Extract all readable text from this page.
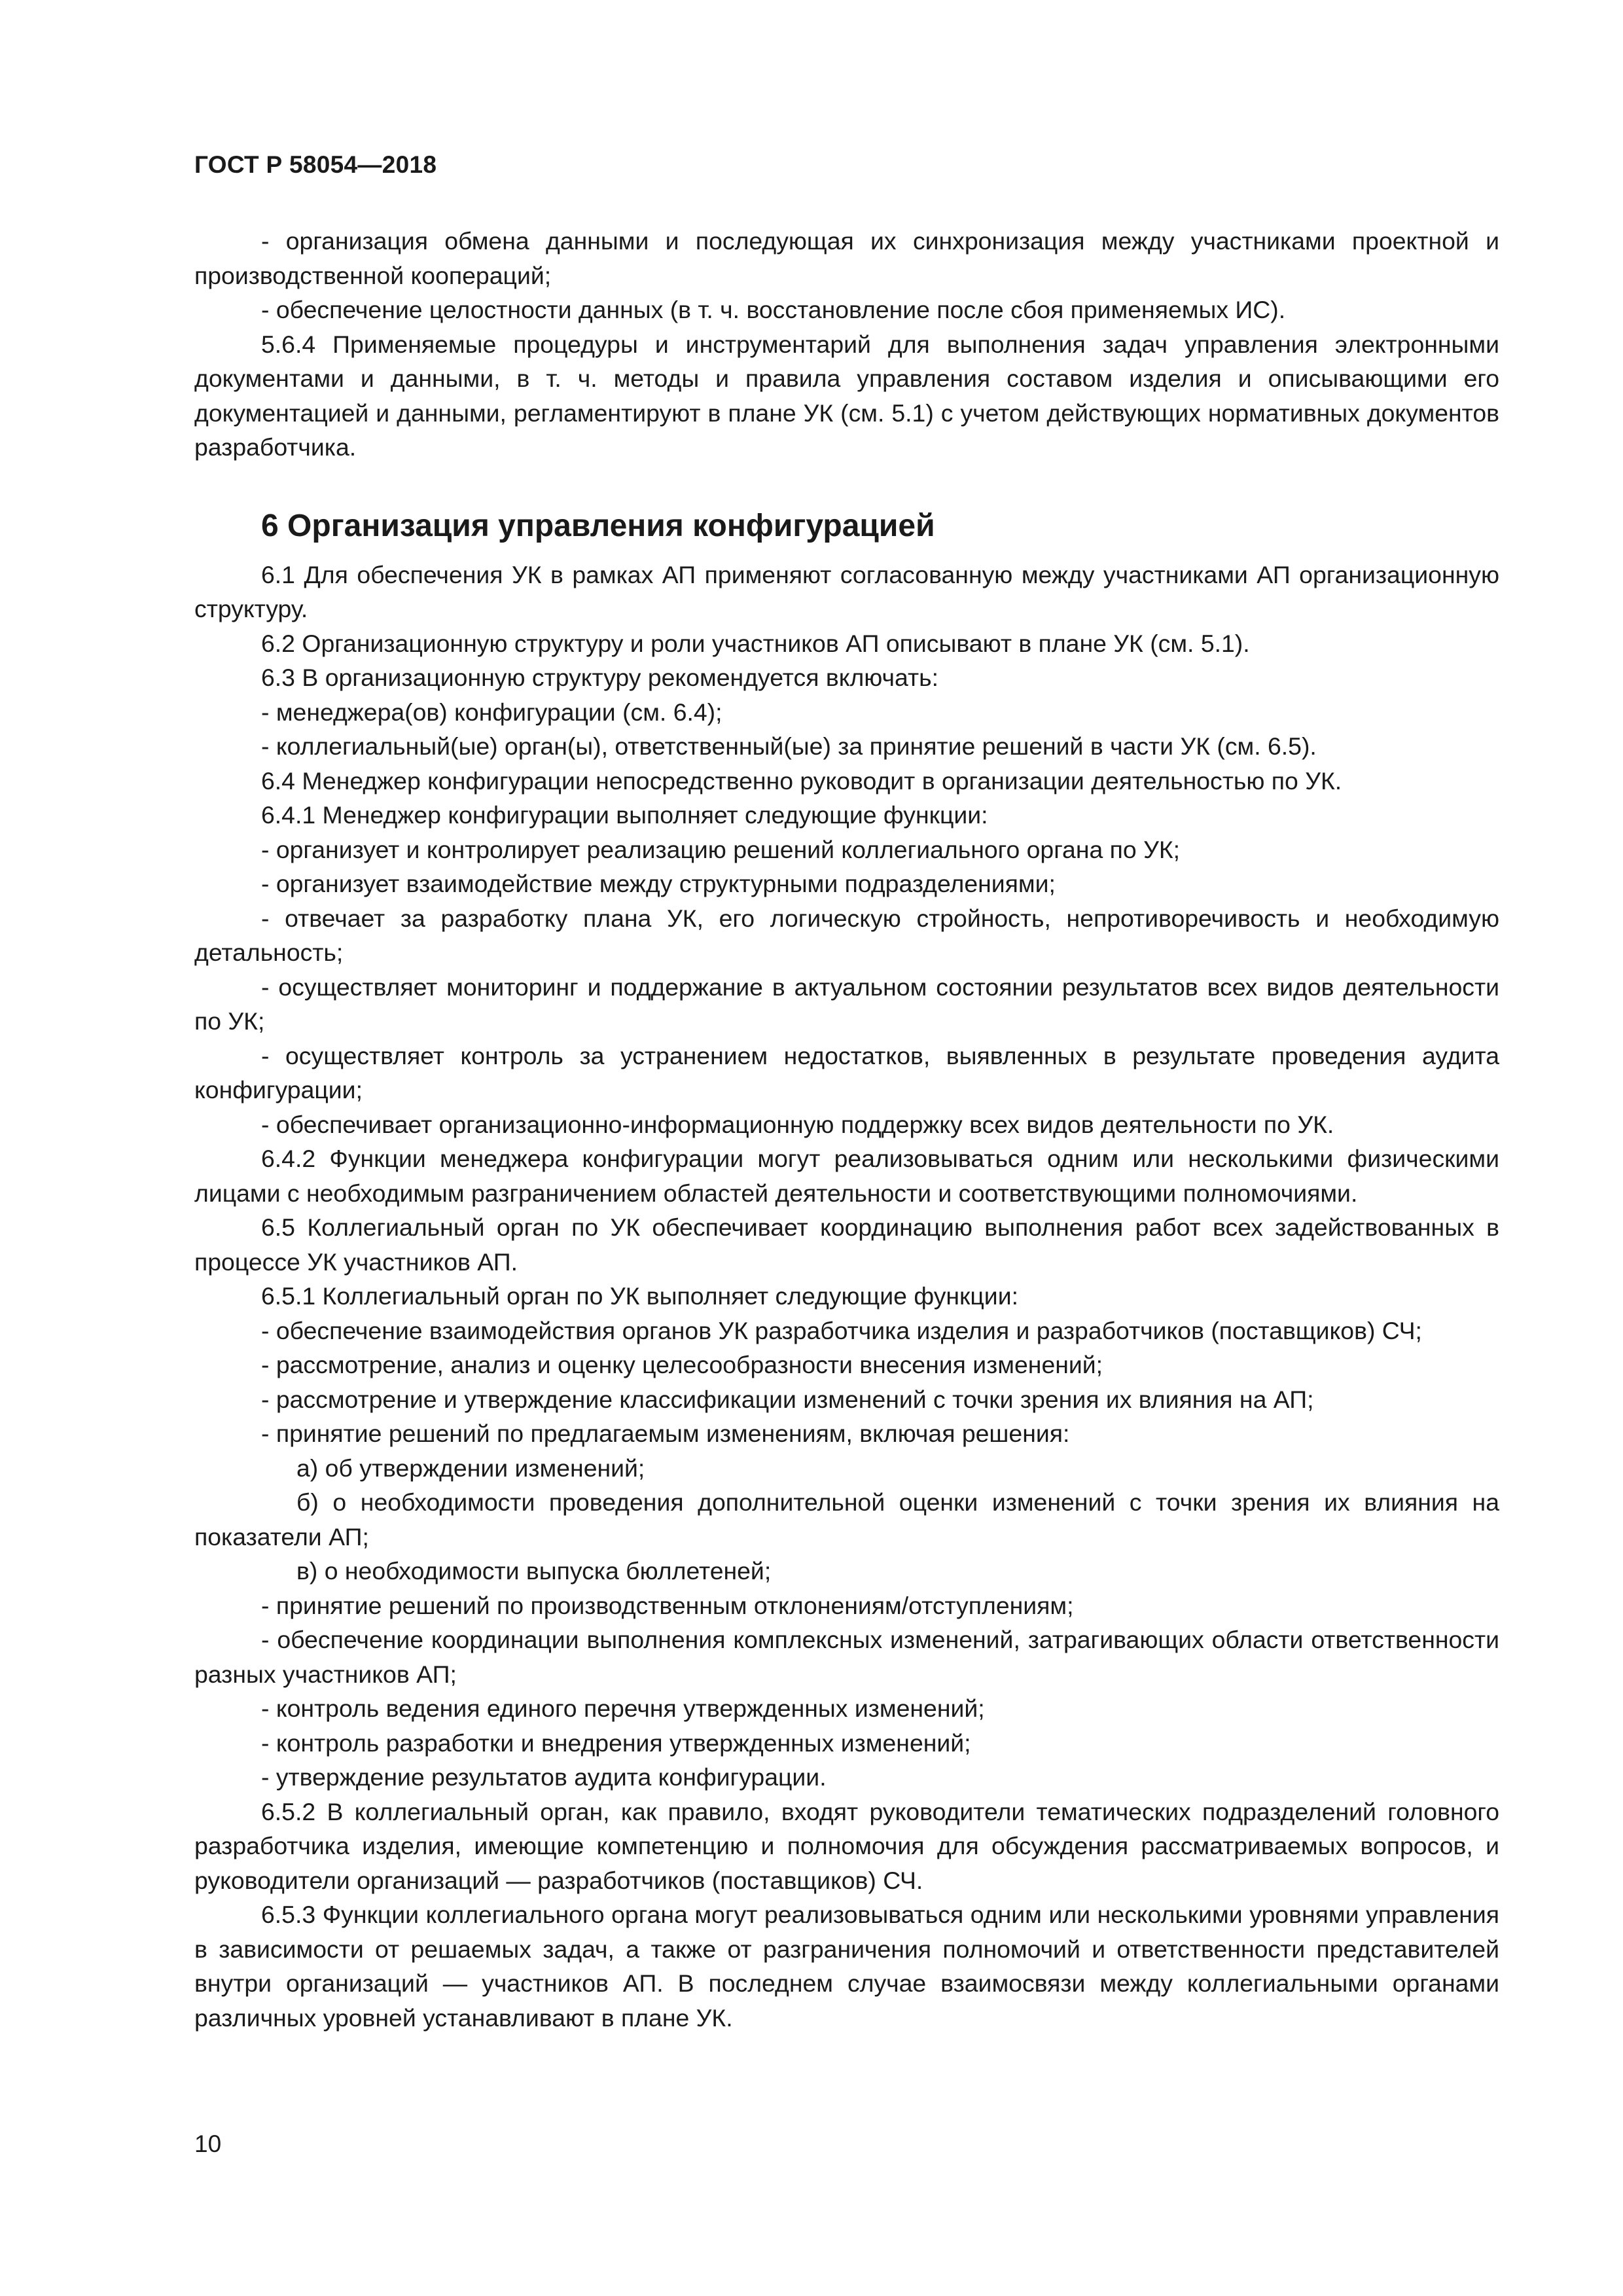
ГОСТ Р 58054—2018

- организация обмена данными и последующая их синхронизация между участниками проектной и производственной коопераций;

- обеспечение целостности данных (в т. ч. восстановление после сбоя применяемых ИС).

5.6.4 Применяемые процедуры и инструментарий для выполнения задач управления электронными документами и данными, в т. ч. методы и правила управления составом изделия и описывающими его документацией и данными, регламентируют в плане УК (см. 5.1) с учетом действующих нормативных документов разработчика.

6 Организация управления конфигурацией

6.1 Для обеспечения УК в рамках АП применяют согласованную между участниками АП организационную структуру.

6.2 Организационную структуру и роли участников АП описывают в плане УК (см. 5.1).

6.3 В организационную структуру рекомендуется включать:

- менеджера(ов) конфигурации (см. 6.4);

- коллегиальный(ые) орган(ы), ответственный(ые) за принятие решений в части УК (см. 6.5).

6.4 Менеджер конфигурации непосредственно руководит в организации деятельностью по УК.

6.4.1 Менеджер конфигурации выполняет следующие функции:

- организует и контролирует реализацию решений коллегиального органа по УК;

- организует взаимодействие между структурными подразделениями;

- отвечает за разработку плана УК, его логическую стройность, непротиворечивость и необходимую детальность;

- осуществляет мониторинг и поддержание в актуальном состоянии результатов всех видов деятельности по УК;

- осуществляет контроль за устранением недостатков, выявленных в результате проведения аудита конфигурации;

- обеспечивает организационно-информационную поддержку всех видов деятельности по УК.

6.4.2 Функции менеджера конфигурации могут реализовываться одним или несколькими физическими лицами с необходимым разграничением областей деятельности и соответствующими полномочиями.

6.5 Коллегиальный орган по УК обеспечивает координацию выполнения работ всех задействованных в процессе УК участников АП.

6.5.1 Коллегиальный орган по УК выполняет следующие функции:

- обеспечение взаимодействия органов УК разработчика изделия и разработчиков (поставщиков) СЧ;

- рассмотрение, анализ и оценку целесообразности внесения изменений;

- рассмотрение и утверждение классификации изменений с точки зрения их влияния на АП;

- принятие решений по предлагаемым изменениям, включая решения:

а) об утверждении изменений;

б) о необходимости проведения дополнительной оценки изменений с точки зрения их влияния на показатели АП;

в) о необходимости выпуска бюллетеней;

- принятие решений по производственным отклонениям/отступлениям;

- обеспечение координации выполнения комплексных изменений, затрагивающих области ответственности разных участников АП;

- контроль ведения единого перечня утвержденных изменений;

- контроль разработки и внедрения утвержденных изменений;

- утверждение результатов аудита конфигурации.

6.5.2 В коллегиальный орган, как правило, входят руководители тематических подразделений головного разработчика изделия, имеющие компетенцию и полномочия для обсуждения рассматриваемых вопросов, и руководители организаций — разработчиков (поставщиков) СЧ.

6.5.3 Функции коллегиального органа могут реализовываться одним или несколькими уровнями управления в зависимости от решаемых задач, а также от разграничения полномочий и ответственности представителей внутри организаций — участников АП. В последнем случае взаимосвязи между коллегиальными органами различных уровней устанавливают в плане УК.

10
